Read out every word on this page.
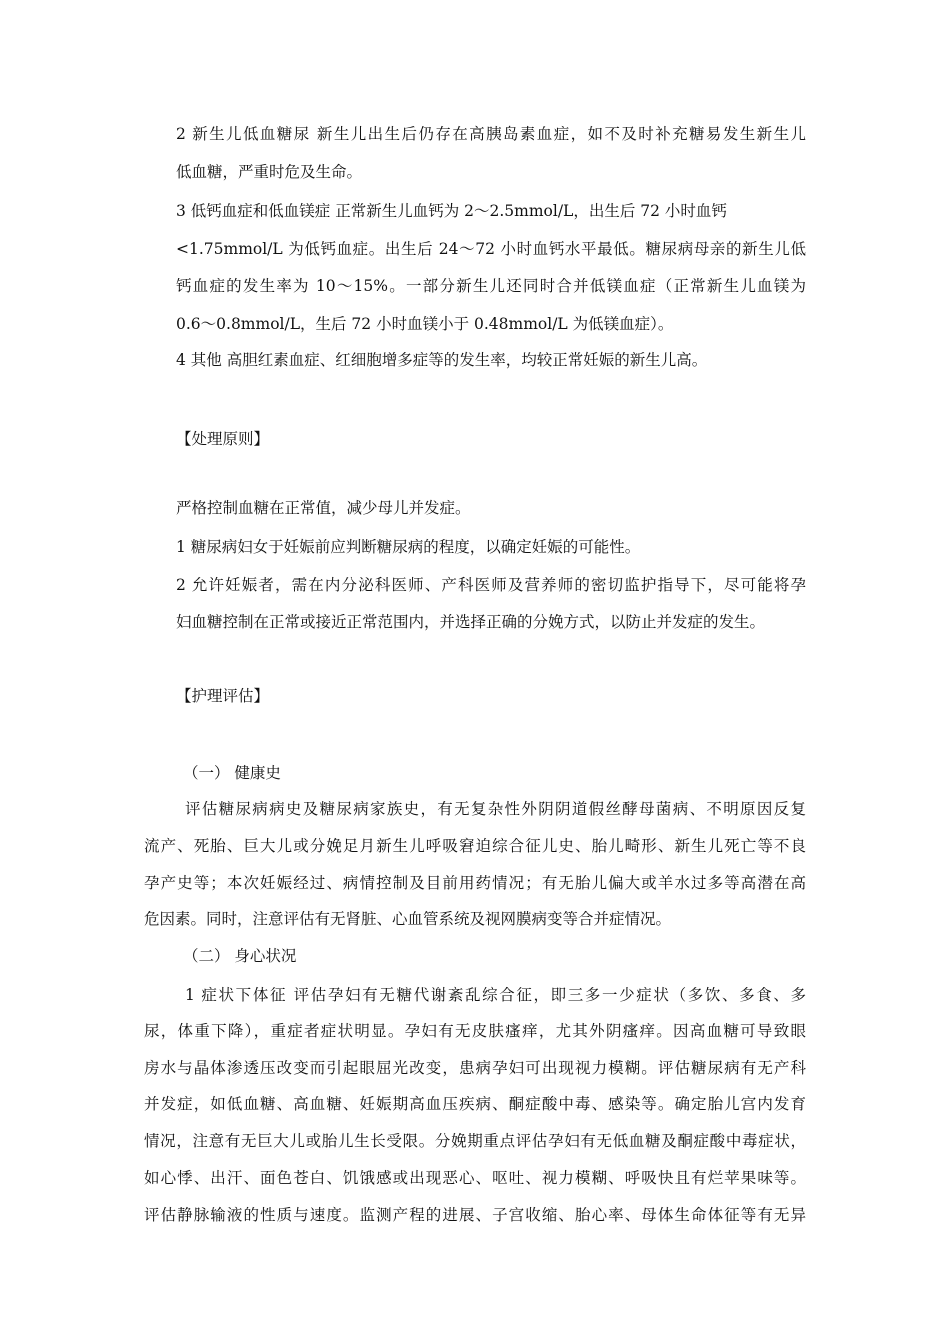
2 新生儿低血糖尿 新生儿出生后仍存在高胰岛素血症，如不及时补充糖易发生新生儿
低血糖，严重时危及生命。
3 低钙血症和低血镁症 正常新生儿血钙为 2～2.5mmol/L，出生后 72 小时血钙
<1.75mmol/L 为低钙血症。出生后 24～72 小时血钙水平最低。糖尿病母亲的新生儿低
钙血症的发生率为 10～15%。一部分新生儿还同时合并低镁血症（正常新生儿血镁为
0.6～0.8mmol/L，生后 72 小时血镁小于 0.48mmol/L 为低镁血症）。
4 其他 高胆红素血症、红细胞增多症等的发生率，均较正常妊娠的新生儿高。
【处理原则】
严格控制血糖在正常值，减少母儿并发症。
1 糖尿病妇女于妊娠前应判断糖尿病的程度，以确定妊娠的可能性。
2 允许妊娠者，需在内分泌科医师、产科医师及营养师的密切监护指导下，尽可能将孕
妇血糖控制在正常或接近正常范围内，并选择正确的分娩方式，以防止并发症的发生。
【护理评估】
（一） 健康史
评估糖尿病病史及糖尿病家族史，有无复杂性外阴阴道假丝酵母菌病、不明原因反复
流产、死胎、巨大儿或分娩足月新生儿呼吸窘迫综合征儿史、胎儿畸形、新生儿死亡等不良
孕产史等；本次妊娠经过、病情控制及目前用药情况；有无胎儿偏大或羊水过多等高潜在高
危因素。同时，注意评估有无肾脏、心血管系统及视网膜病变等合并症情况。
（二） 身心状况
1 症状下体征 评估孕妇有无糖代谢紊乱综合征，即三多一少症状（多饮、多食、多
尿，体重下降），重症者症状明显。孕妇有无皮肤瘙痒，尤其外阴瘙痒。因高血糖可导致眼
房水与晶体渗透压改变而引起眼屈光改变，患病孕妇可出现视力模糊。评估糖尿病有无产科
并发症，如低血糖、高血糖、妊娠期高血压疾病、酮症酸中毒、感染等。确定胎儿宫内发育
情况，注意有无巨大儿或胎儿生长受限。分娩期重点评估孕妇有无低血糖及酮症酸中毒症状，
如心悸、出汗、面色苍白、饥饿感或出现恶心、呕吐、视力模糊、呼吸快且有烂苹果味等。
评估静脉输液的性质与速度。监测产程的进展、子宫收缩、胎心率、母体生命体征等有无异
